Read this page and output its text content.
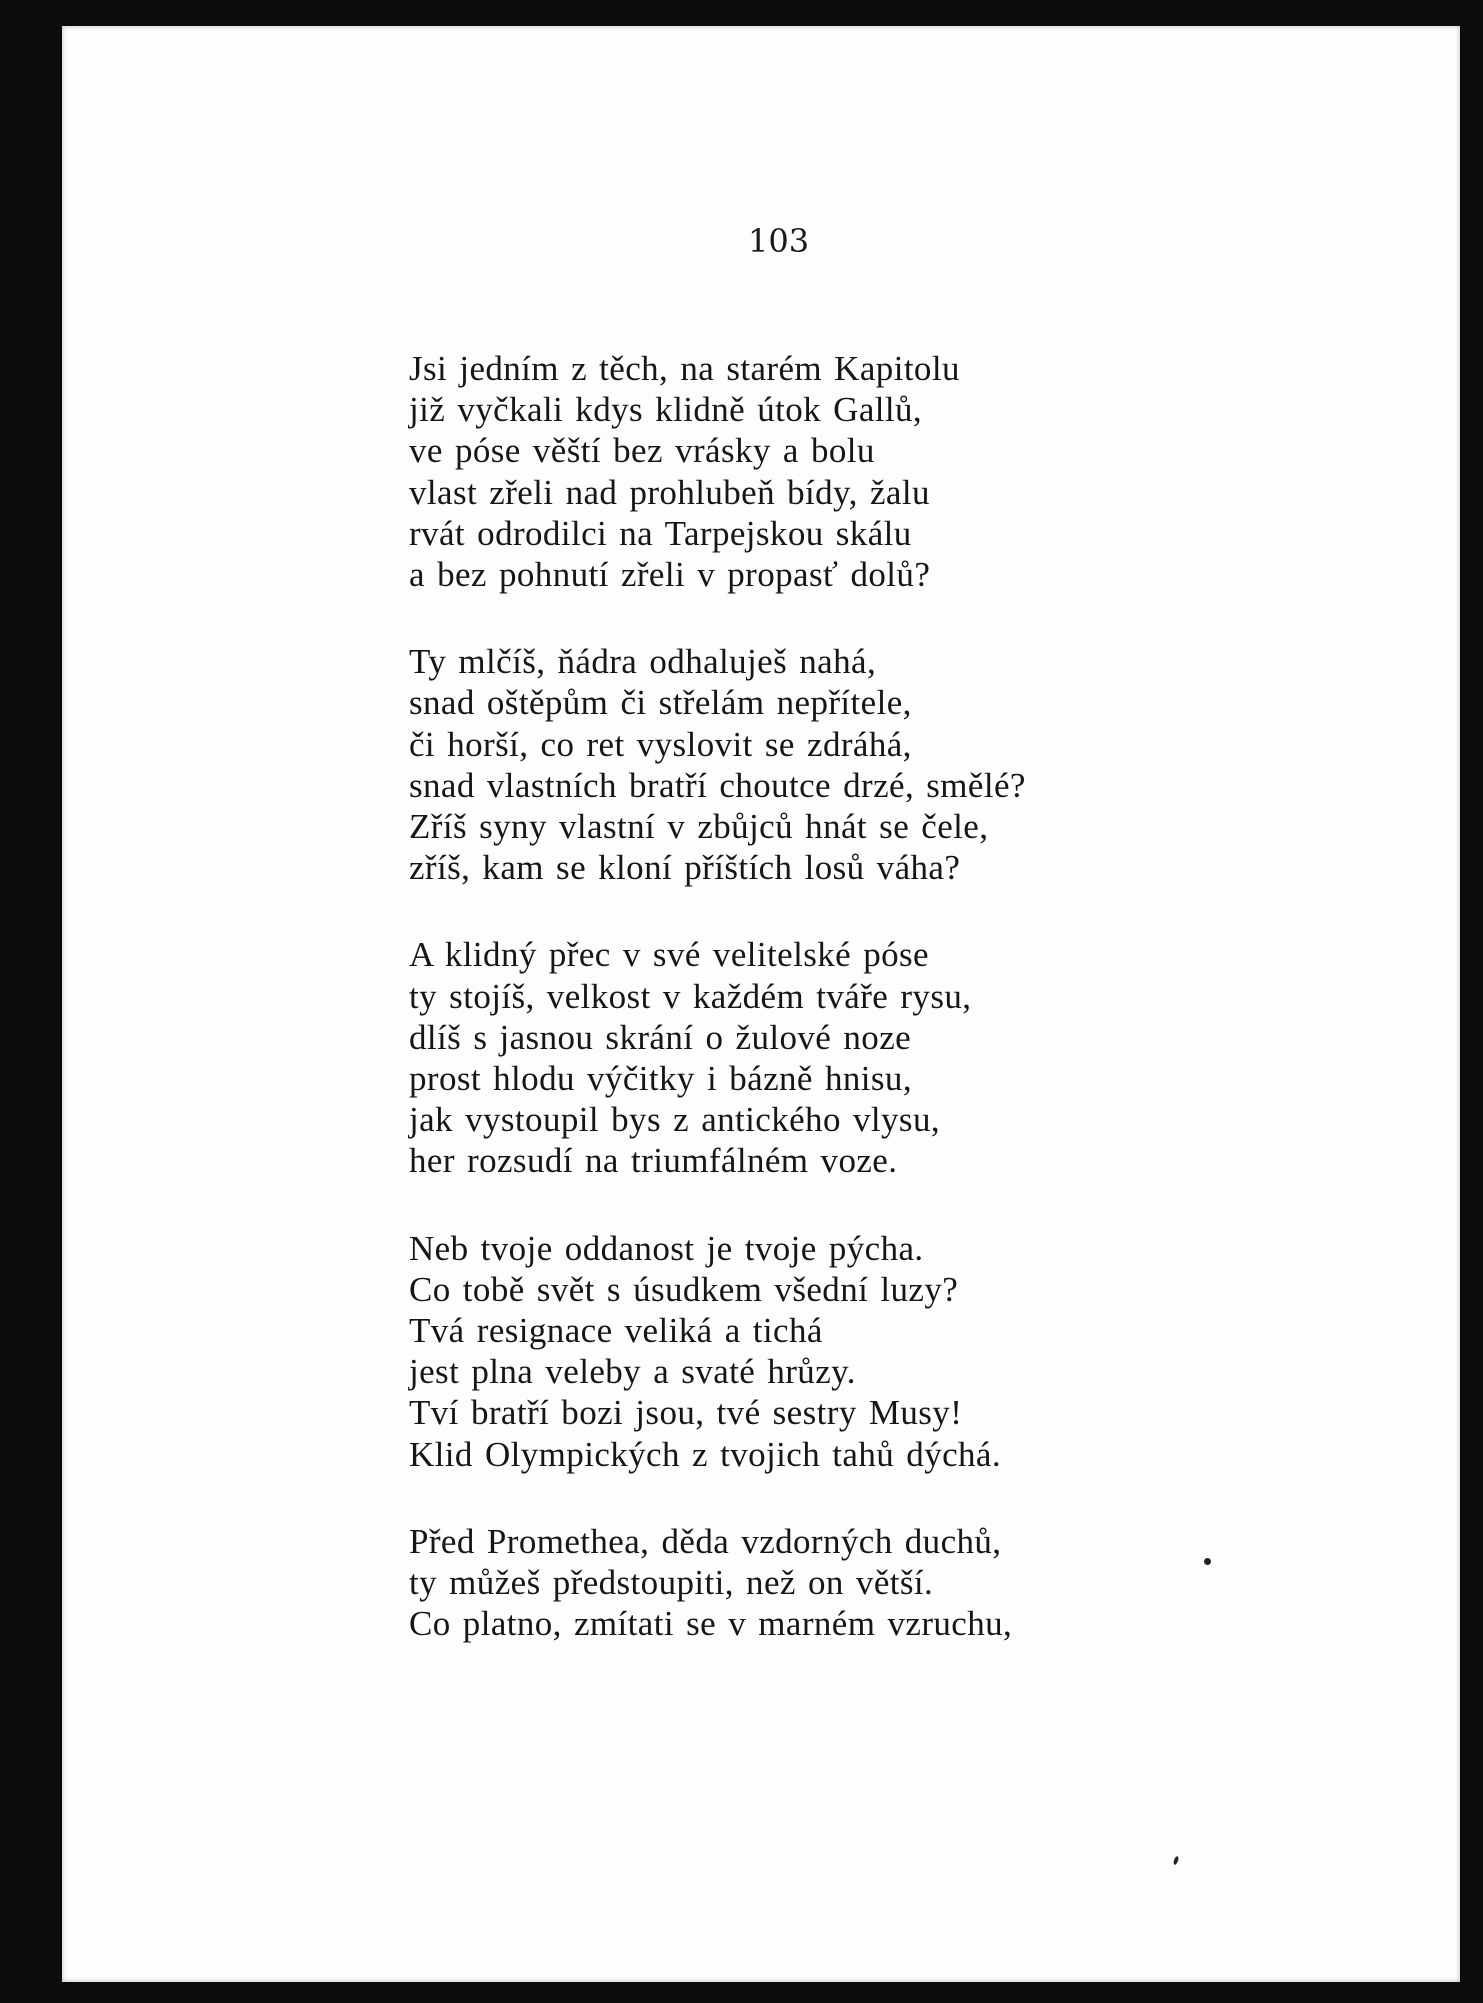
103

Jsi jedním z těch, na starém Kapitolu
již vyčkali kdys klidně útok Gallů,
ve póse věští bez vrásky a bolu
vlast zřeli nad prohlubeň bídy, žalu
rvát odrodilci na Tarpejskou skálu
a bez pohnutí zřeli v propasť dolů?
Ty mlčíš, ňádra odhaluješ nahá,
snad oštěpům či střelám nepřítele,
či horší, co ret vyslovit se zdráhá,
snad vlastních bratří choutce drzé, smělé?
Zříš syny vlastní v zbůjců hnát se čele,
zříš, kam se kloní příštích losů váha?
A klidný přec v své velitelské póse
ty stojíš, velkost v každém tváře rysu,
dlíš s jasnou skrání o žulové noze
prost hlodu výčitky i bázně hnisu,
jak vystoupil bys z antického vlysu,
her rozsudí na triumfálném voze.
Neb tvoje oddanost je tvoje pýcha.
Co tobě svět s úsudkem všední luzy?
Tvá resignace veliká a tichá
jest plna veleby a svaté hrůzy.
Tví bratří bozi jsou, tvé sestry Musy!
Klid Olympických z tvojich tahů dýchá.
Před Promethea, děda vzdorných duchů,
ty můžeš předstoupiti, než on větší.
Co platno, zmítati se v marném vzruchu,
